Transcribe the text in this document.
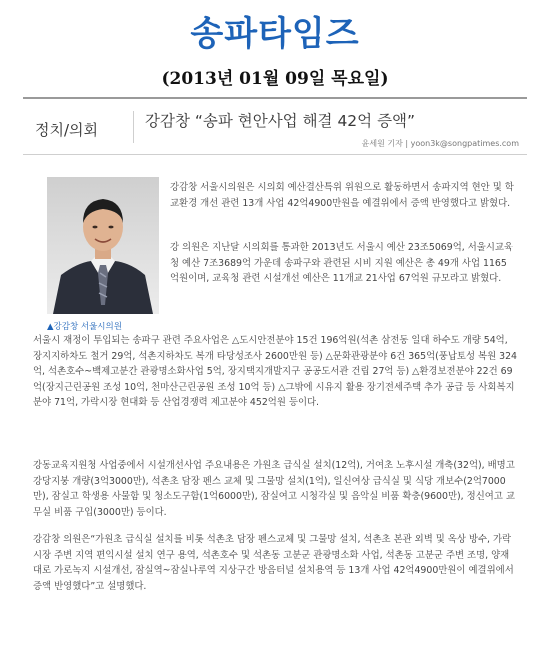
송파타임즈
(2013년 01월 09일 목요일)
정치/의회	강감창 “송파 현안사업 해결 42억 증액”
윤세원 기자 | yoon3k@songpatimes.com
▲강감창 서울시의원

강감창 서울시의원은 시의회 예산결산특위 위원으로 활동하면서 송파지역 현안 및 학교환경 개선 관련 13개 사업 42억4900만원을 예결위에서 증액 반영했다고 밝혔다.

강 의원은 지난달 시의회를 통과한 2013년도 서울시 예산 23조5069억, 서울시교육청 예산 7조3689억 가운데 송파구와 관련된 시비 지원 예산은 총 49개 사업 1165억원이며, 교육청 관련 시설개선 예산은 11개교 21사업 67억원 규모라고 밝혔다.

서울시 재정이 투입되는 송파구 관련 주요사업은 △도시안전분야 15건 196억원(석촌 삼전동 일대 하수도 개량 54억, 장지지하차도 철거 29억, 석촌지하차도 복개 타당성조사 2600만원 등) △문화관광분야 6건 365억(풍납토성 복원 324억, 석촌호수~백제고분간 관광명소화사업 5억, 장지택지개발지구 공공도서관 건립 27억 등) △환경보전분야 22건 69억(장지근린공원 조성 10억, 천마산근린공원 조성 10억 등) △그밖에 시유지 활용 장기전세주택 추가 공급 등 사회복지분야 71억, 가락시장 현대화 등 산업경쟁력 제고분야 452억원 등이다.

강동교육지원청 사업중에서 시설개선사업 주요내용은 가원초 급식실 설치(12억), 거여초 노후시설 개축(32억), 배명고 강당지붕 개량(3억3000만), 석촌초 담장 펜스 교체 및 그물망 설치(1억), 일신여상 급식실 및 식당 개보수(2억7000만), 잠실고 학생용 사물함 및 청소도구함(1억6000만), 잠실여고 시청각실 및 음악실 비품 확충(9600만), 정신여고 교무실 비품 구입(3000만) 등이다.

강감창 의원은“가원초 급식실 설치를 비롯 석촌초 담장 펜스교체 및 그물망 설치, 석촌초 본관 외벽 및 옥상 방수, 가락시장 주변 지역 편익시설 설치 연구 용역, 석촌호수 및 석촌동 고분군 관광명소화 사업, 석촌동 고분군 주변 조명, 양재대로 가로녹지 시설개선, 잠실역~잠실나루역 지상구간 방음터널 설치용역 등 13개 사업 42억4900만원이 예결위에서 증액 반영했다”고 설명했다.
